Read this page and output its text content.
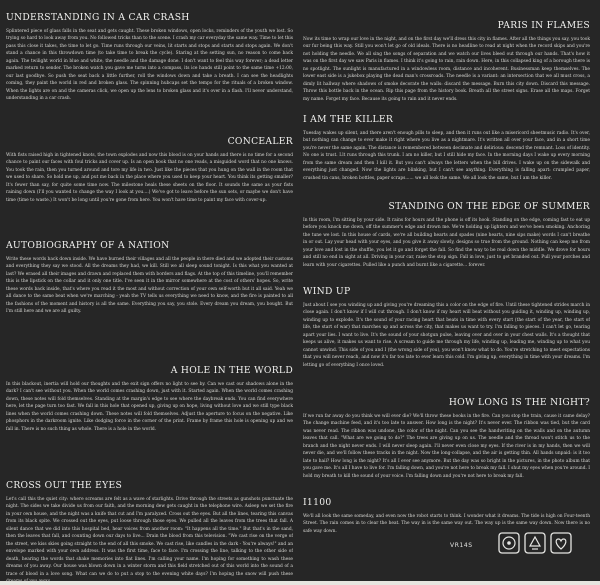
UNDERSTANDING IN A CAR CRASH
Splintered piece of glass falls in the seat and gets caught. These broken windows, open locks, reminders of the youth we lost. So trying so hard to look away from you. No followed tricks than to the scene. I crash my car everyday the same way. Time to let this pass this close it takes, the time to let go. Time runs through our veins, lit starts and stops and starts and stops again. We don't stand a chance in this throwdown time (to take time to break the cycle). Staring at the setting sun, no reason to come back again. The twilight world in blue and white, the needle and the damage done. I don't want to feel this way forever; a dead letter marked return to sender. The broken watch you gave me turns into a compass, its ice hands still point to the same time +12:00, our last goodbye. So push the seat back a little further, roll the windows down and take a breath. I can see the headlights coming, they paint the world in red and broken glass. The spinning hubcaps set the tempo for the rituals of a broken window. When the lights are on and the cameras click, we open up the lens to broken glass and it's over in a flash. I'll never understand, understanding in a car crash.
CONCEALER
With fists raised high in tightened knots, the town explodes and now this blood is on your hands and there is no time for a second chance to paint our faces with foul tricks and cover up. Is an open book that no one reads, a misguided word that no one knows. You took the rain, then you turned around and tore my life in two. Just like the pieces that you hung on the wall in the room that we used to share. So hold me up, and put me back in the place where you used to keep your heart. You think its getting smaller? It's fewer than say, for quite some time now. The milestone heals these sheets on the floor. It sounds the same as your fists raining down (I'll you wanted to change the way I look at you....) We've got to leave before the sun sets, or maybe we don't have time (time to waste.) It won't be long until you're gone from here. You won't have time to paint my face with cover-up.
AUTOBIOGRAPHY OF A NATION
Write these words back down inside. We have burned their villages and all the people in there died and we adopted their customs and everything they say we stood. All the dreams they had, we kill. Still we all sleep sound tonight. Is this what you wanted at last? We erased all their images and drawn and replaced them with borders and flags. At the top of this timeline, you'll remember this is the lipstick on the collar and it only one title. I've seen it in the mirror somewhere at the cost of others' hopes. So, write these words back inside, that's where you read it the most and without correction of your own self-worth but it all said. Yeah we all dance to the same beat when we're marching - yeah the TV tells us everything we need to know, and the fire is painted to all the fashions of the moment and history is all the same. Everything you say, you stole. Every dream you dream, you bought. But I'm still here and we are all guilty.
A HOLE IN THE WORLD
In this blackout, inertia will hold our thoughts and the exit sign offers no light to see by. Can we cast our shadows alone in the dark? I can't see without you. When the world comes crashing down, just with it. Started again. When the world comes crashing down, these notes will fold themselves. Standing at the margin's edge to see where the daybreak ends. You can find everywhere here, let the page turn too fast. We fall in this hole that opened up, giving up on hope, living without love and we still type black lines when the world comes crashing down. These notes will fold themselves. Adjust the aperture to focus on the negative. Like phosphors in the darkroom ignite. Like dodging force in the corner of the print. Frame by frame this hole is opening up and we fall in. There is no such thing as whole. There is a hole in the world.
CROSS OUT THE EYES
Let's call this the quiet city: where screams are felt as a wave of starlights. Drive through the streets as gunshots punctuate the night. The sides we take divide us from our faith, and the morning dew gets caught in the telephone wire. Asleep we set the fire in your own house, and the night was a knife that cut and I'm paralyzed. Cross out the eyes. But all the lines, tearing this canvas from its black spite. We crossed out the eyes, put loose through those eyes. We pulled all the leaves from the trees that fall. A silent dance that we did into this hospital bed, hear voices from another room: "It happens all the time." But that's in the sand, then the leaves that fall, and counting down our days to live... Drain the blood from this television. "We cast rise on the verge of the street, we kiss skies going straight to the end of all this smoke. We cast rise, like candles in the dark - You're always!" and an envelope marked with your own address. It was the first time, face to face. I'm crossing the line, talking to the other side of death, hearing the words that shake memories into flat lines. I'm calling your name. I'm hoping for something to wash these dreams of you away. Our house was blown down in a winter storm and this field stretched out of this world into the sound of a trace of blood in a love song. What can we do to put a stop to the evening white days? I'm hoping the snow will push these dreams of you away.
PARIS IN FLAMES
Now its time to wrap our love in the night, and on the first day we'll dress this city in flames. After all the things you say, you took our fur being this way. Still you won't let go of old ideals. There is no headline to read at night when the record skips and you're not holding the needle. We all sing the songs of separation and we watch our lives bleed out through our hands. That's how it was on the first day we saw Paris in flames. I think it's going to rain, rain down. Here, in this collapsed king of a borough there is no spotlight. The sunlight is manufactured in a windowless room, distance and incoherent. Businessman keep themselves. The lower east side is a jukebox playing the dead man's crossroads. The needle is a variant: an intersection that we all must cross, a dimly lit hallway where shadows of smoke decorate the walls: discard the message. Burn this city down. Discard this message. Throw this bottle back in the ocean. Rip this page from the history book. Breath all the street signs. Erase all the maps. Forget my name. Forget my face. Because its going to rain and it never ends.
I AM THE KILLER
Tuesday wakes up silent, and there aren't enough pills to sleep, and then it runs out like a misericord sheetmusic radio. It's over, but nothing can change to ever make it right where you live as a nightmare. It's written all over your face, and in a short time you're never the same again. The distance is remembered between decimate and delirious: descend the remnant. Loss of identity. No one is trust. I.lt runs through this trunk. I am no killer, but I still hide my face. In the morning days I wake up every morning from the same dream and then I kill it. But you can't always the letters when the bill drives. I wake up on the sidewalk and everything just changed. Now the lights are blinking, but I can't see anything. Everything is falling apart: crumpled paper, crushed tin cans, broken bottles, paper scraps...... we all look the same. We all look the same, but I am the killer.
STANDING ON THE EDGE OF SUMMER
In this room, I'm sitting by your side. It rains for hours and the phone is off its hook. Standing on the edge, coming fast to eat up before you knock me down, off the summer's edge and drown me. We're holding up lighters and we've been smoking. Anchoring the tune we lost. In this house of cards, we're all building hearts and spades (nine hearts, nine sips make) words I can't breathe in or out. Lay your head with your eyes, and you give it away slowly, designs so true from the ground. Nothing can keep me from your love and lost in the shuffle, you let it go and forget the fall. So find the way to be real down the middle. We drove for hours and still no end in sight at all. Driving in your car, raise the stop sign. Fall in love, just to get branded out. Pull your porches and learn with your cigarettes. Pulled like a punch and burnt like a cigarette... forever.
WIND UP
Just about I see you winding up and giving you're dreaming this a color on the edge of fire. Until these tightened strides march in close again. I don't know if I will cut through. I don't know if my heart will beat without you guiding it, winding up, winding up, winding up to explode. It's the sound of your racing heart that beats in time with every start (the start of the year, the start of life, the start of war) that marches up and across the city, that makes us want to try. I'm falling to pieces. I can't let go, tearing apart your lies. I want to live. It's the sound of your shotgun pulse, leaving over and over in your chest walls. It's a thought that keeps us alive, it makes us want to rise. A scream to guide me through my life, winding up, leading me, winding up to what you cannot unwind. This side of you and I (the wrong side of you), you won't know what to do. You're stretching to meet expectations that you will never reach, and now it's far too late to ever learn this cold. I'm giving up, everything in time with your dreams. I'm letting go of everything I once loved.
HOW LONG IS THE NIGHT?
If we run far away do you think we will ever die? We'll throw these books in the fire. Can you stop the train, cause it came delay? The change machine feed, and it's too late to answer. How long is the night? It's never ever. The ribbon was tied, but the card was never read. The ribbon was undone, the color of the night. Can you see the handwriting on the walls and on the autumn leaves that call. "What are we going to do?" The trees are giving up on us. The needle and the thread won't stitch us to the branch and the night never ends. I will never sleep again. I'll never even close my eyes. If the river is in my hands, then we will never die, and we'll follow these tracks in the night. Now the long-collapse, and the air is getting thin. All hands unpaid: is it too late to hail? How long is the night? It's all I ever see anymore. But the day was so bright in the pictures, in the photo album that you gave me. It's all I have to live for. I'm falling down, and you're not here to break my fall. I shut my eyes when you're around. I hold my breath to kill the sound of your voice. I'm falling down and you're not here to break my fall.
I1100
We'll all look the same someday, and even now the robot starts to think. I wonder what it dreams. The tide is high on Four-teenth Street. The rain comes in to clear the heat. The way in is the same way out. The way up is the same way down. Now there is no safe way down.
VR14S
